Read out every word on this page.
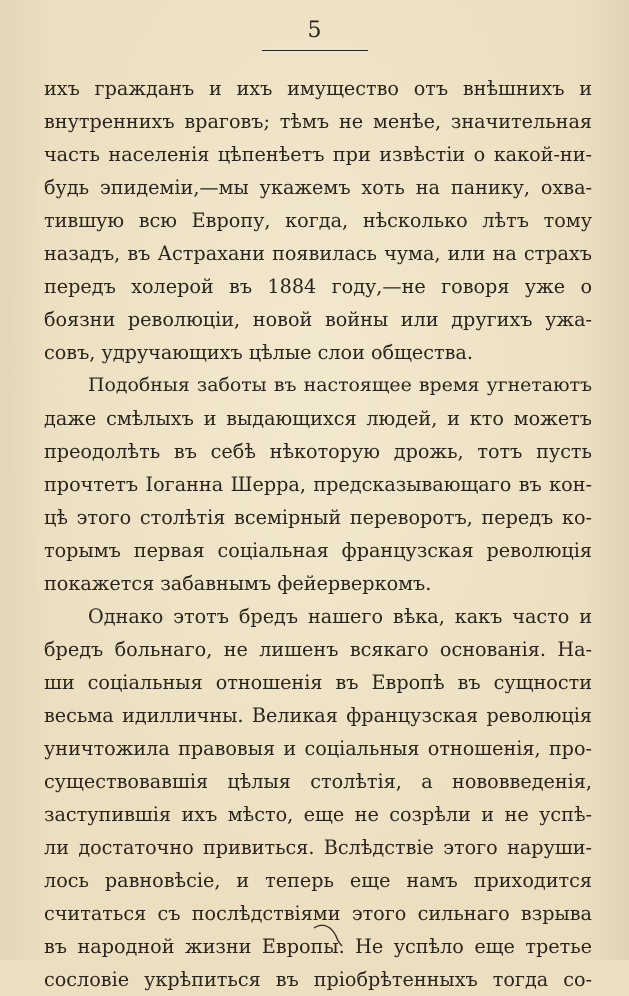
5
ихъ гражданъ и ихъ имущество отъ внѣшнихъ и
внутреннихъ враговъ; тѣмъ не менѣе, значительная
часть населенія цѣпенѣетъ при извѣстіи о какой-ни-
будь эпидеміи,—мы укажемъ хоть на панику, охва-
тившую всю Европу, когда, нѣсколько лѣтъ тому
назадъ, въ Астрахани появилась чума, или на страхъ
передъ холерой въ 1884 году,—не говоря уже о
боязни революціи, новой войны или другихъ ужа-
совъ, удручающихъ цѣлые слои общества.
Подобныя заботы въ настоящее время угнетаютъ
даже смѣлыхъ и выдающихся людей, и кто можетъ
преодолѣть въ себѣ нѣкоторую дрожь, тотъ пусть
прочтетъ Іоганна Шерра, предсказывающаго въ кон-
цѣ этого столѣтія всемірный переворотъ, передъ ко-
торымъ первая соціальная французская революція
покажется забавнымъ фейерверкомъ.
Однако этотъ бредъ нашего вѣка, какъ часто и
бредъ больнаго, не лишенъ всякаго основанія. На-
ши соціальныя отношенія въ Европѣ въ сущности
весьма идилличны. Великая французская революція
уничтожила правовыя и соціальныя отношенія, про-
существовавшія цѣлыя столѣтія, а нововведенія,
заступившія ихъ мѣсто, еще не созрѣли и не успѣ-
ли достаточно привиться. Вслѣдствіе этого наруши-
лось равновѣсіе, и теперь еще намъ приходится
считаться съ послѣдствіями этого сильнаго взрыва
въ народной жизни Европы. Не успѣло еще третье
сословіе укрѣпиться въ пріобрѣтенныхъ тогда со-
